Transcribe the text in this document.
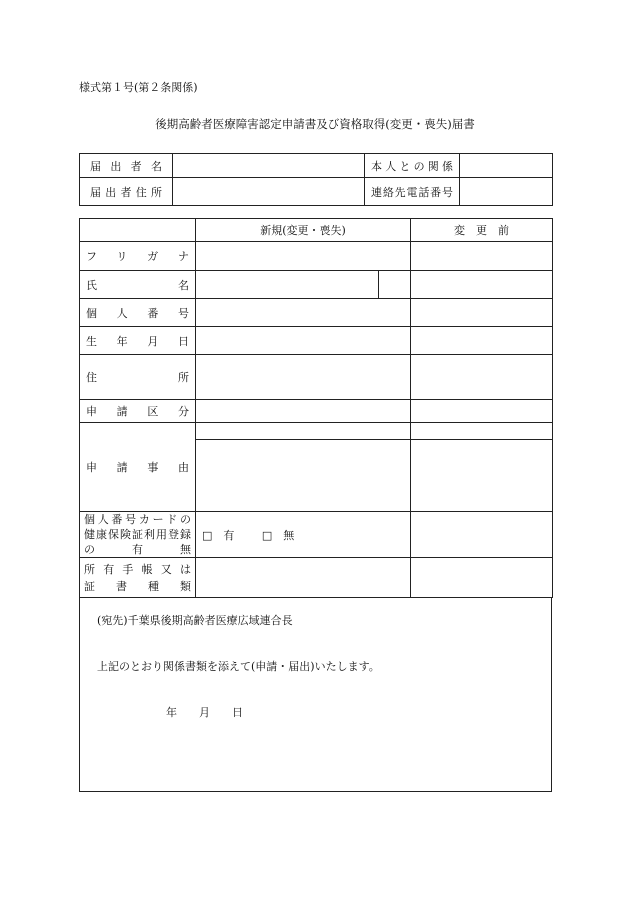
様式第１号(第２条関係)
後期高齢者医療障害認定申請書及び資格取得(変更・喪失)届書
届出者名		本人との関係	
届出者住所		連絡先電話番号	
	新規(変更・喪失)		変　更　前
フリガナ			
氏名			
個人番号			
生年月日			
住所			
申請区分			
申請事由			

個人番号カードの
健康保険証利用登録
の　有　無	□　有 □　無		

所有手帳又は
証書種類			

(宛先)千葉県後期高齢者医療広域連合長
上記のとおり関係書類を添えて(申請・届出)いたします。
年 月 日
